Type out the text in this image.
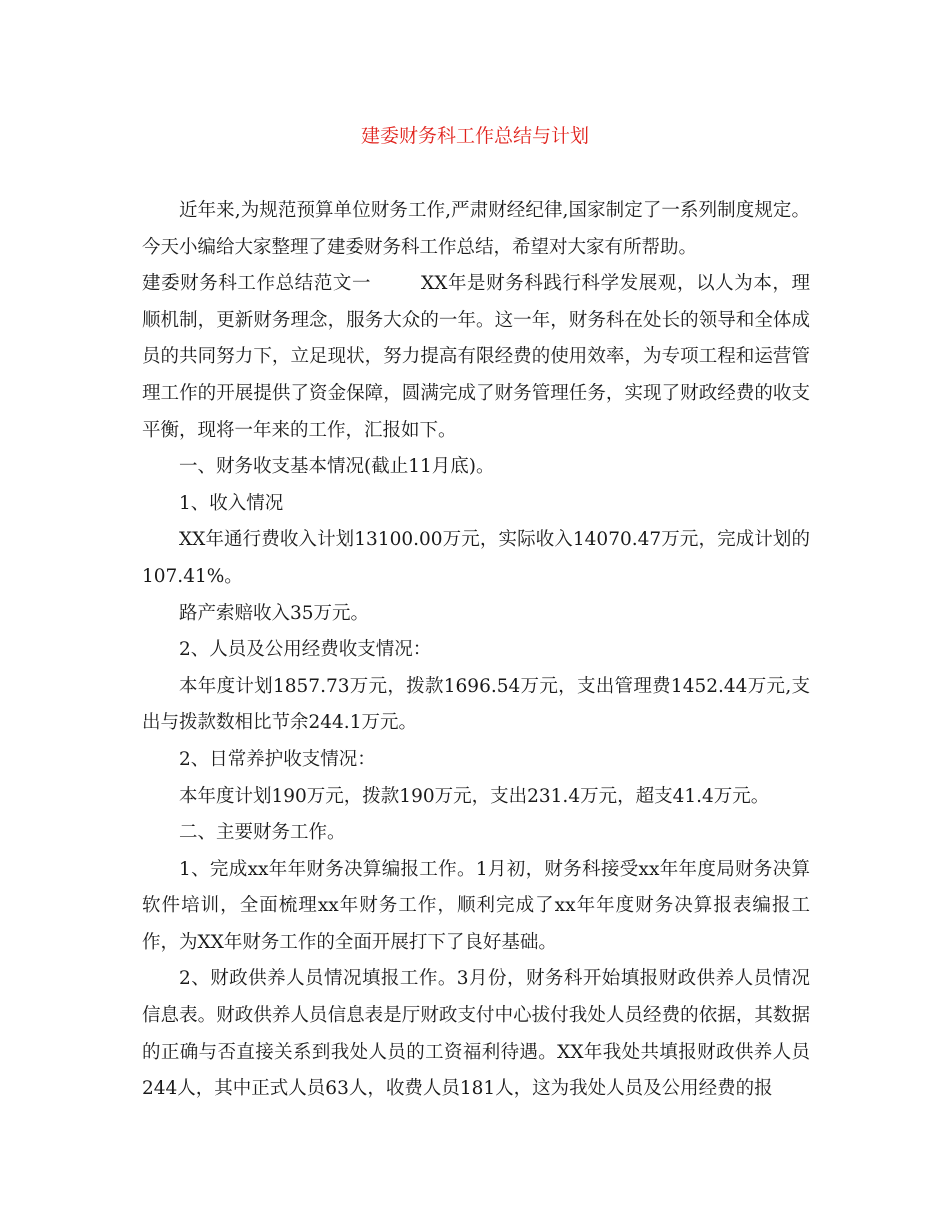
建委财务科工作总结与计划

近年来,为规范预算单位财务工作,严肃财经纪律,国家制定了一系列制度规定。今天小编给大家整理了建委财务科工作总结，希望对大家有所帮助。

建委财务科工作总结范文一	XX年是财务科践行科学发展观，以人为本，理顺机制，更新财务理念，服务大众的一年。这一年，财务科在处长的领导和全体成员的共同努力下，立足现状，努力提高有限经费的使用效率，为专项工程和运营管理工作的开展提供了资金保障，圆满完成了财务管理任务，实现了财政经费的收支平衡，现将一年来的工作，汇报如下。

一、财务收支基本情况(截止11月底)。

1、收入情况

XX年通行费收入计划13100.00万元，实际收入14070.47万元，完成计划的107.41%。

路产索赔收入35万元。

2、人员及公用经费收支情况：

本年度计划1857.73万元，拨款1696.54万元，支出管理费1452.44万元,支出与拨款数相比节余244.1万元。

2、日常养护收支情况：

本年度计划190万元，拨款190万元，支出231.4万元，超支41.4万元。

二、主要财务工作。

1、完成xx年年财务决算编报工作。1月初，财务科接受xx年年度局财务决算软件培训，全面梳理xx年财务工作，顺利完成了xx年年度财务决算报表编报工作，为XX年财务工作的全面开展打下了良好基础。

2、财政供养人员情况填报工作。3月份，财务科开始填报财政供养人员情况信息表。财政供养人员信息表是厅财政支付中心拔付我处人员经费的依据，其数据的正确与否直接关系到我处人员的工资福利待遇。XX年我处共填报财政供养人员244人，其中正式人员63人，收费人员181人，这为我处人员及公用经费的报
